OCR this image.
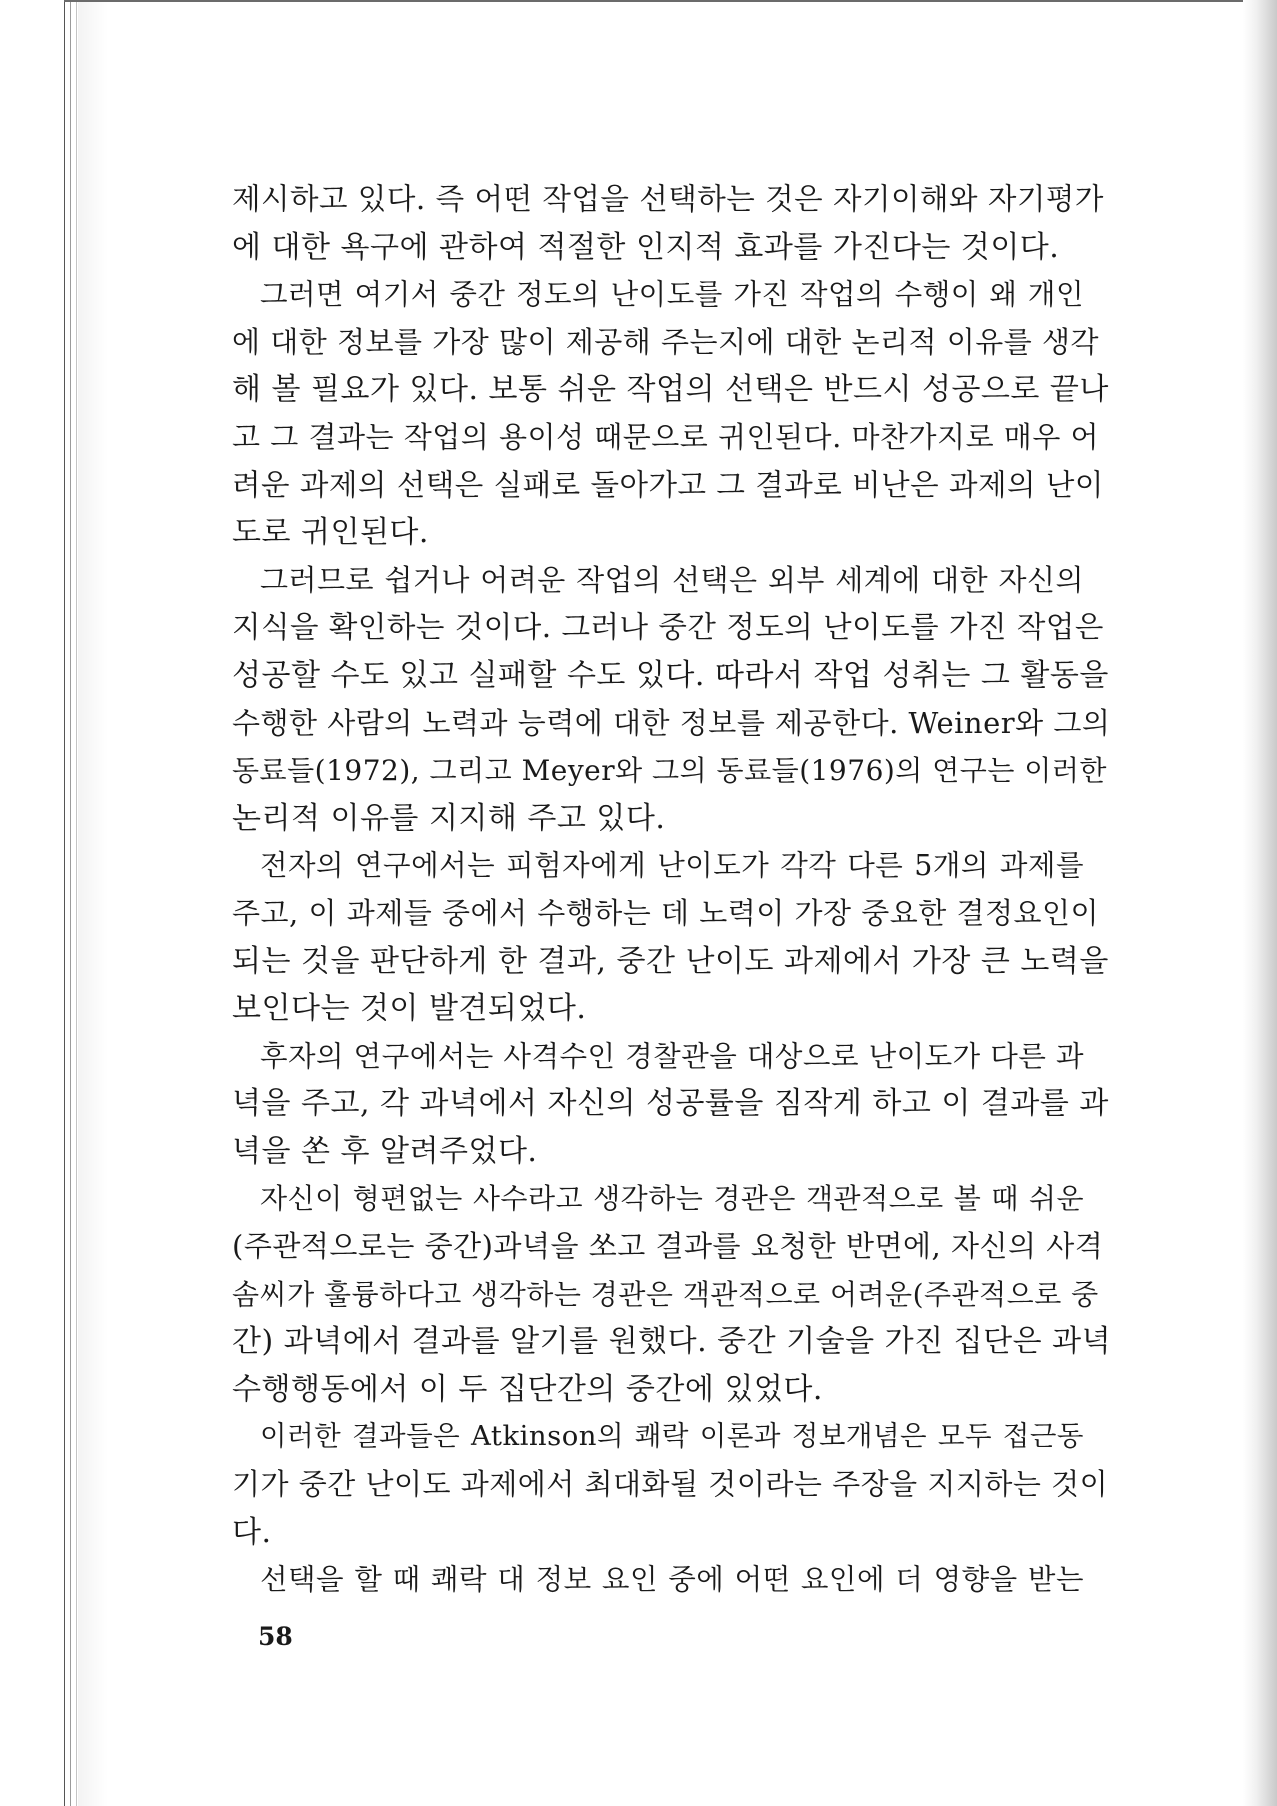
제시하고 있다. 즉 어떤 작업을 선택하는 것은 자기이해와 자기평가
에 대한 욕구에 관하여 적절한 인지적 효과를 가진다는 것이다.
그러면 여기서 중간 정도의 난이도를 가진 작업의 수행이 왜 개인
에 대한 정보를 가장 많이 제공해 주는지에 대한 논리적 이유를 생각
해 볼 필요가 있다. 보통 쉬운 작업의 선택은 반드시 성공으로 끝나
고 그 결과는 작업의 용이성 때문으로 귀인된다. 마찬가지로 매우 어
려운 과제의 선택은 실패로 돌아가고 그 결과로 비난은 과제의 난이
도로 귀인된다.
그러므로 쉽거나 어려운 작업의 선택은 외부 세계에 대한 자신의
지식을 확인하는 것이다. 그러나 중간 정도의 난이도를 가진 작업은
성공할 수도 있고 실패할 수도 있다. 따라서 작업 성취는 그 활동을
수행한 사람의 노력과 능력에 대한 정보를 제공한다. Weiner와 그의
동료들(1972), 그리고 Meyer와 그의 동료들(1976)의 연구는 이러한
논리적 이유를 지지해 주고 있다.
전자의 연구에서는 피험자에게 난이도가 각각 다른 5개의 과제를
주고, 이 과제들 중에서 수행하는 데 노력이 가장 중요한 결정요인이
되는 것을 판단하게 한 결과, 중간 난이도 과제에서 가장 큰 노력을
보인다는 것이 발견되었다.
후자의 연구에서는 사격수인 경찰관을 대상으로 난이도가 다른 과
녁을 주고, 각 과녁에서 자신의 성공률을 짐작게 하고 이 결과를 과
녁을 쏜 후 알려주었다.
자신이 형편없는 사수라고 생각하는 경관은 객관적으로 볼 때 쉬운
(주관적으로는 중간)과녁을 쏘고 결과를 요청한 반면에, 자신의 사격
솜씨가 훌륭하다고 생각하는 경관은 객관적으로 어려운(주관적으로 중
간) 과녁에서 결과를 알기를 원했다. 중간 기술을 가진 집단은 과녁
수행행동에서 이 두 집단간의 중간에 있었다.
이러한 결과들은 Atkinson의 쾌락 이론과 정보개념은 모두 접근동
기가 중간 난이도 과제에서 최대화될 것이라는 주장을 지지하는 것이
다.
선택을 할 때 쾌락 대 정보 요인 중에 어떤 요인에 더 영향을 받는
58
